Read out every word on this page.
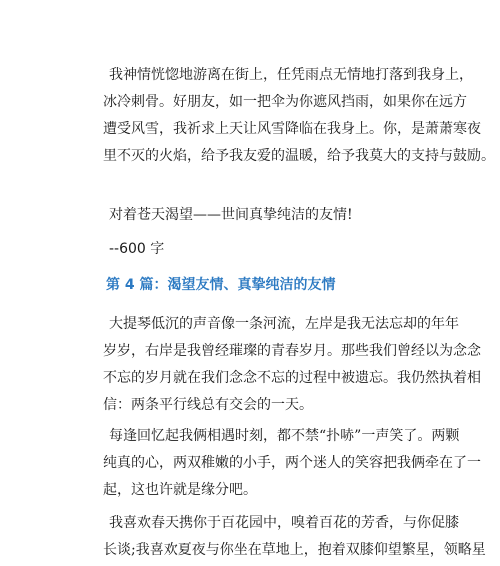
我神情恍惚地游离在街上，任凭雨点无情地打落到我身上，
冰冷刺骨。好朋友，如一把伞为你遮风挡雨，如果你在远方
遭受风雪，我祈求上天让风雪降临在我身上。你，是萧萧寒夜
里不灭的火焰，给予我友爱的温暖，给予我莫大的支持与鼓励。
对着苍天渴望——世间真挚纯洁的友情!
--600 字
第 4 篇：渴望友情、真挚纯洁的友情
大提琴低沉的声音像一条河流，左岸是我无法忘却的年年
岁岁，右岸是我曾经璀璨的青春岁月。那些我们曾经以为念念
不忘的岁月就在我们念念不忘的过程中被遗忘。我仍然执着相
信：两条平行线总有交会的一天。
每逢回忆起我俩相遇时刻，都不禁“扑哧”一声笑了。两颗
纯真的心，两双稚嫩的小手，两个迷人的笑容把我俩牵在了一
起，这也许就是缘分吧。
我喜欢春天携你于百花园中，嗅着百花的芳香，与你促膝
长谈;我喜欢夏夜与你坐在草地上，抱着双膝仰望繁星，领略星
